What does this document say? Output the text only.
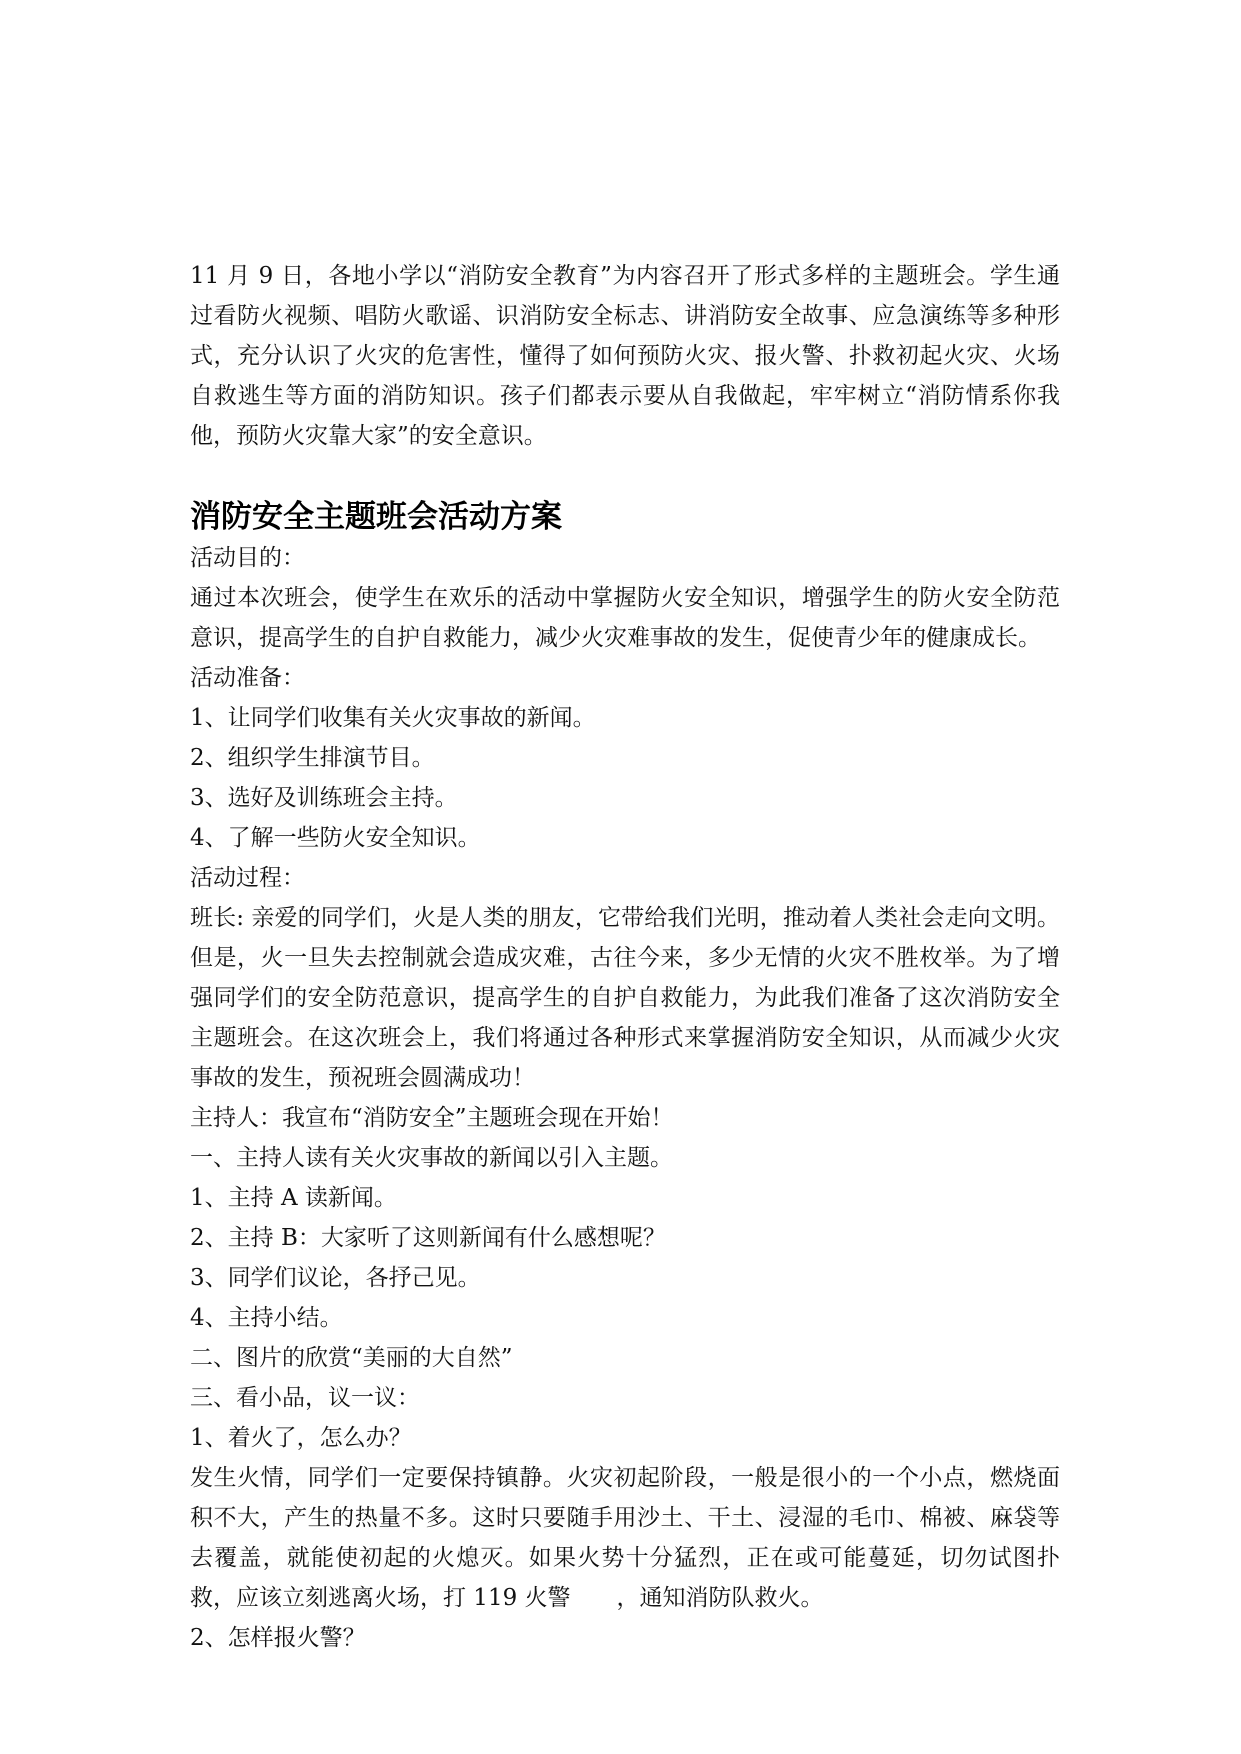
11 月 9 日，各地小学以“消防安全教育”为内容召开了形式多样的主题班会。学生通过看防火视频、唱防火歌谣、识消防安全标志、讲消防安全故事、应急演练等多种形式，充分认识了火灾的危害性，懂得了如何预防火灾、报火警、扑救初起火灾、火场自救逃生等方面的消防知识。孩子们都表示要从自我做起，牢牢树立“消防情系你我他，预防火灾靠大家”的安全意识。

消防安全主题班会活动方案

活动目的：

通过本次班会，使学生在欢乐的活动中掌握防火安全知识，增强学生的防火安全防范意识，提高学生的自护自救能力，减少火灾难事故的发生，促使青少年的健康成长。

活动准备：

1、让同学们收集有关火灾事故的新闻。

2、组织学生排演节目。

3、选好及训练班会主持。

4、了解一些防火安全知识。

活动过程：

班长: 亲爱的同学们，火是人类的朋友，它带给我们光明，推动着人类社会走向文明。但是，火一旦失去控制就会造成灾难，古往今来，多少无情的火灾不胜枚举。为了增强同学们的安全防范意识，提高学生的自护自救能力，为此我们准备了这次消防安全主题班会。在这次班会上，我们将通过各种形式来掌握消防安全知识，从而减少火灾事故的发生，预祝班会圆满成功！

主持人：我宣布“消防安全”主题班会现在开始！

一、主持人读有关火灾事故的新闻以引入主题。

1、主持 A 读新闻。

2、主持 B：大家听了这则新闻有什么感想呢？

3、同学们议论，各抒己见。

4、主持小结。

二、图片的欣赏“美丽的大自然”

三、看小品，议一议：

1、着火了，怎么办？

发生火情，同学们一定要保持镇静。火灾初起阶段，一般是很小的一个小点，燃烧面积不大，产生的热量不多。这时只要随手用沙土、干土、浸湿的毛巾、棉被、麻袋等去覆盖，就能使初起的火熄灭。如果火势十分猛烈，正在或可能蔓延，切勿试图扑救，应该立刻逃离火场，打 119 火警　　，通知消防队救火。

2、怎样报火警？
